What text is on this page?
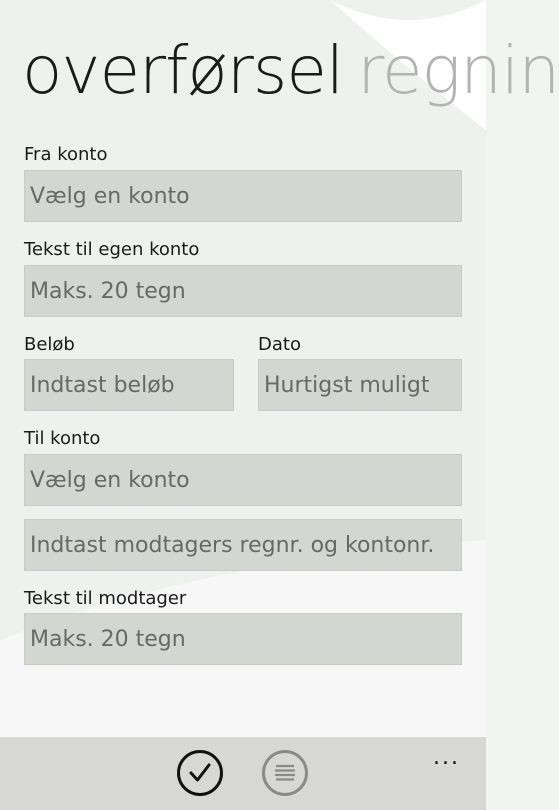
overførsel regnin
Fra konto
Vælg en konto
Tekst til egen konto
Maks. 20 tegn
Beløb
Indtast beløb
Dato
Hurtigst muligt
Til konto
Vælg en konto
Indtast modtagers regnr. og kontonr.
Tekst til modtager
Maks. 20 tegn
...
